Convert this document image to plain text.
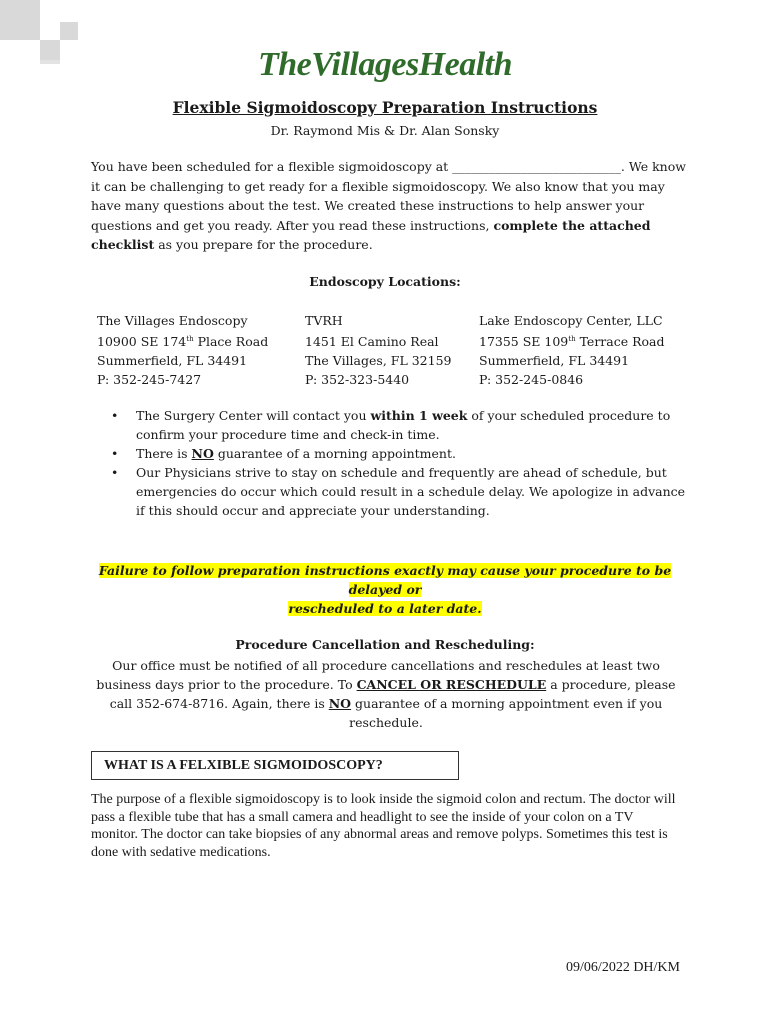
TheVillagesHealth
Flexible Sigmoidoscopy Preparation Instructions
Dr. Raymond Mis & Dr. Alan Sonsky
You have been scheduled for a flexible sigmoidoscopy at ___________________________. We know it can be challenging to get ready for a flexible sigmoidoscopy. We also know that you may have many questions about the test. We created these instructions to help answer your questions and get you ready. After you read these instructions, complete the attached checklist as you prepare for the procedure.
Endoscopy Locations:
The Villages Endoscopy
10900 SE 174th Place Road
Summerfield, FL 34491
P: 352-245-7427
TVRH
1451 El Camino Real
The Villages, FL 32159
P: 352-323-5440
Lake Endoscopy Center, LLC
17355 SE 109th Terrace Road
Summerfield, FL 34491
P: 352-245-0846
• The Surgery Center will contact you within 1 week of your scheduled procedure to confirm your procedure time and check-in time.
• There is NO guarantee of a morning appointment.
• Our Physicians strive to stay on schedule and frequently are ahead of schedule, but emergencies do occur which could result in a schedule delay. We apologize in advance if this should occur and appreciate your understanding.
Failure to follow preparation instructions exactly may cause your procedure to be delayed or
rescheduled to a later date.
Procedure Cancellation and Rescheduling:
Our office must be notified of all procedure cancellations and reschedules at least two business days prior to the procedure. To CANCEL OR RESCHEDULE a procedure, please call 352-674-8716. Again, there is NO guarantee of a morning appointment even if you reschedule.
WHAT IS A FELXIBLE SIGMOIDOSCOPY?
The purpose of a flexible sigmoidoscopy is to look inside the sigmoid colon and rectum. The doctor will pass a flexible tube that has a small camera and headlight to see the inside of your colon on a TV monitor. The doctor can take biopsies of any abnormal areas and remove polyps. Sometimes this test is done with sedative medications.
09/06/2022 DH/KM
